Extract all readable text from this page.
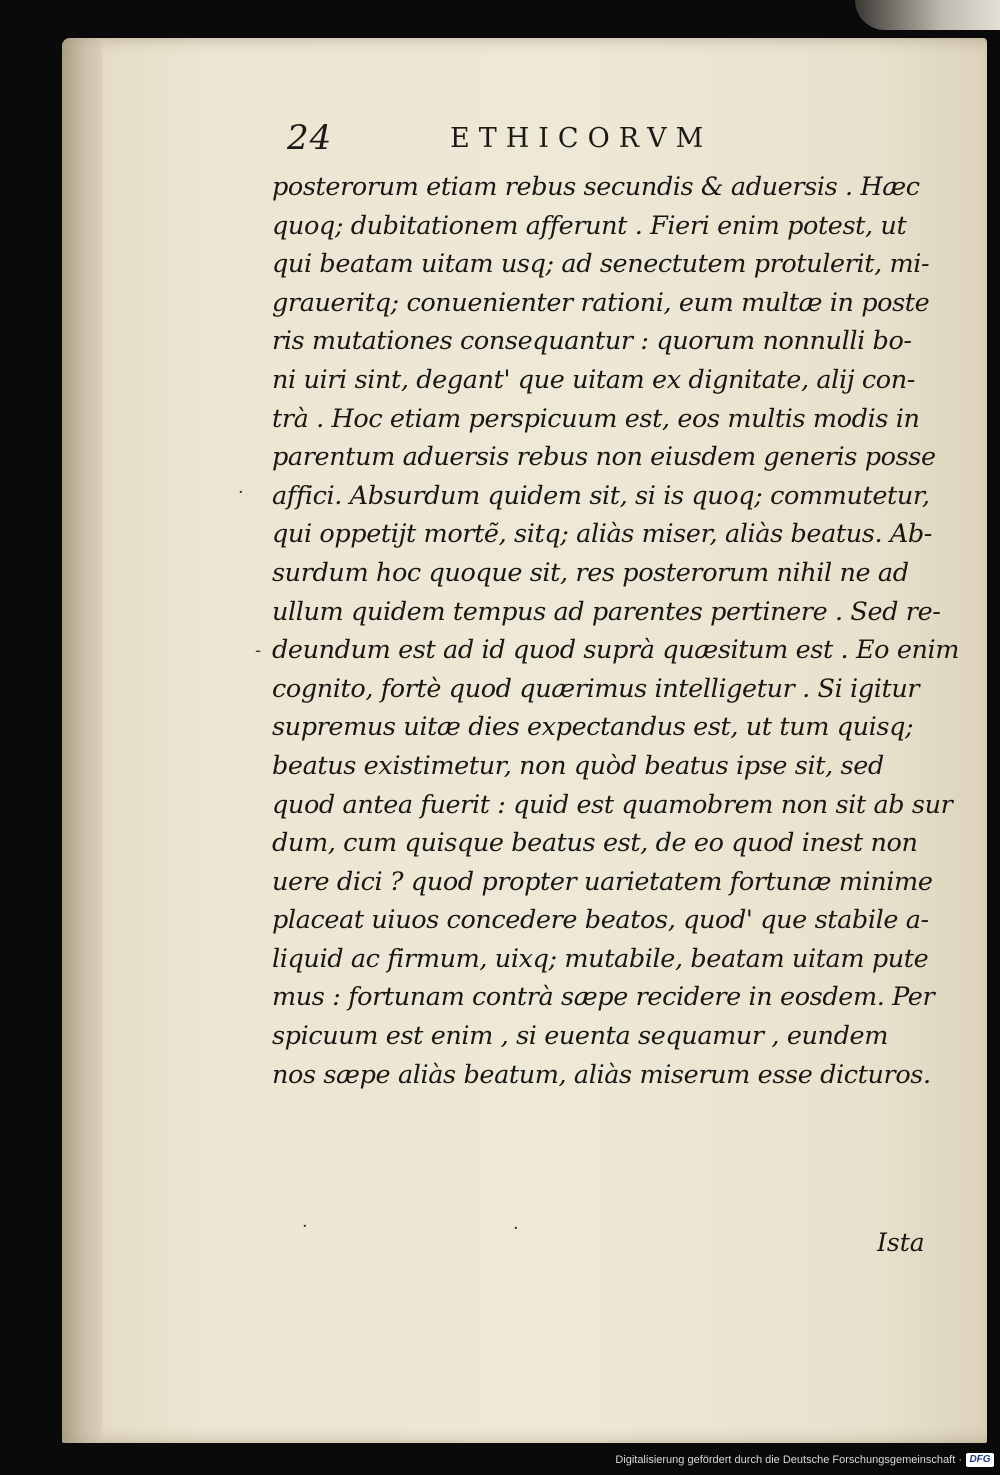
24	ETHICORVM
·
-
·	·
posterorum etiam rebus secundis & aduersis . Hæc
quoq; dubitationem afferunt . Fieri enim potest, ut
qui beatam uitam usq; ad senectutem protulerit, mi-
graueritq; conuenienter rationi, eum multæ in poste
ris mutationes consequantur : quorum nonnulli bo-
ni uiri sint, degant' que uitam ex dignitate, alij con-
trà . Hoc etiam perspicuum est, eos multis modis in
parentum aduersis rebus non eiusdem generis posse
affici. Absurdum quidem sit, si is quoq; commutetur,
qui oppetijt mortẽ, sitq; aliàs miser, aliàs beatus. Ab-
surdum hoc quoque sit, res posterorum nihil ne ad
ullum quidem tempus ad parentes pertinere . Sed re-
deundum est ad id quod suprà quæsitum est . Eo enim
cognito, fortè quod quærimus intelligetur . Si igitur
supremus uitæ dies expectandus est, ut tum quisq;
beatus existimetur, non quòd beatus ipse sit, sed
quod antea fuerit : quid est quamobrem non sit ab sur
dum, cum quisque beatus est, de eo quod inest non
uere dici ? quod propter uarietatem fortunæ minime
placeat uiuos concedere beatos, quod' que stabile a-
liquid ac firmum, uixq; mutabile, beatam uitam pute
mus : fortunam contrà sæpe recidere in eosdem. Per
spicuum est enim , si euenta sequamur , eundem
nos sæpe aliàs beatum, aliàs miserum esse dicturos.
Ista
Digitalisierung gefördert durch die Deutsche Forschungsgemeinschaft · DFG
